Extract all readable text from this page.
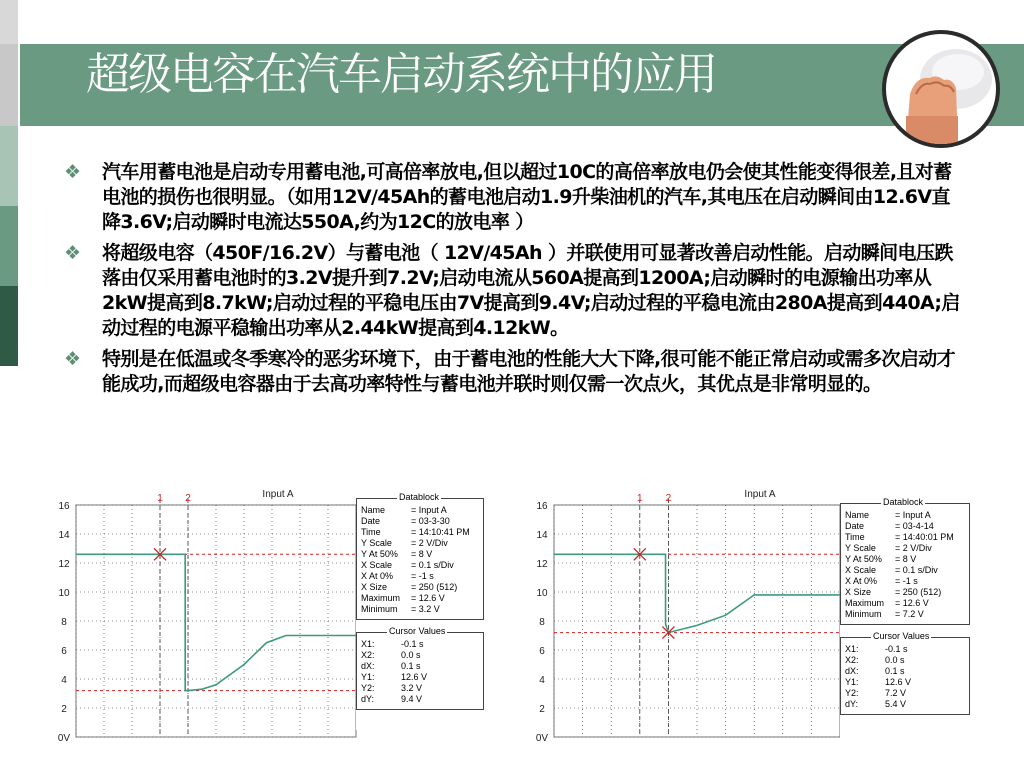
超级电容在汽车启动系统中的应用
❖ 汽车用蓄电池是启动专用蓄电池,可高倍率放电,但以超过10C的高倍率放电仍会使其性能变得很差,且对蓄电池的损伤也很明显。（如用12V/45Ah的蓄电池启动1.9升柴油机的汽车,其电压在启动瞬间由12.6V直降3.6V;启动瞬时电流达550A,约为12C的放电率 ）
❖ 将超级电容（450F/16.2V）与蓄电池（ 12V/45Ah ）并联使用可显著改善启动性能。启动瞬间电压跌落由仅采用蓄电池时的3.2V提升到7.2V;启动电流从560A提高到1200A;启动瞬时的电源输出功率从2kW提高到8.7kW;启动过程的平稳电压由7V提高到9.4V;启动过程的平稳电流由280A提高到440A;启动过程的电源平稳输出功率从2.44kW提高到4.12kW。
❖ 特别是在低温或冬季寒冷的恶劣环境下，由于蓄电池的性能大大下降,很可能不能正常启动或需多次启动才能成功,而超级电容器由于去高功率特性与蓄电池并联时则仅需一次点火，其优点是非常明显的。
Input A
0V
2
4
6
8
10
12
14
16
1 2	Input A
0V
2
4
6
8
10
12
14
16
1 2
Datablock
Name	= Input A
Date	= 03-3-30
Time	= 14:10:41 PM
Y Scale = 2 V/Div
Y At 50% = 8 V
X Scale = 0.1 s/Div
X At 0% = -1 s
X Size	= 250 (512)
Maximum = 12.6 V
Minimum = 3.2 V
Cursor Values
X1:	-0.1 s
X2:	0.0 s
dX:	0.1 s
Y1:	12.6 V
Y2:	3.2 V
dY:	9.4 V
Datablock
Name	= Input A
Date	= 03-4-14
Time	= 14:40:01 PM
Y Scale = 2 V/Div
Y At 50% = 8 V
X Scale = 0.1 s/Div
X At 0% = -1 s
X Size	= 250 (512)
Maximum = 12.6 V
Minimum = 7.2 V
Cursor Values
X1:	-0.1 s
X2:	0.0 s
dX:	0.1 s
Y1:	12.6 V
Y2:	7.2 V
dY:	5.4 V
